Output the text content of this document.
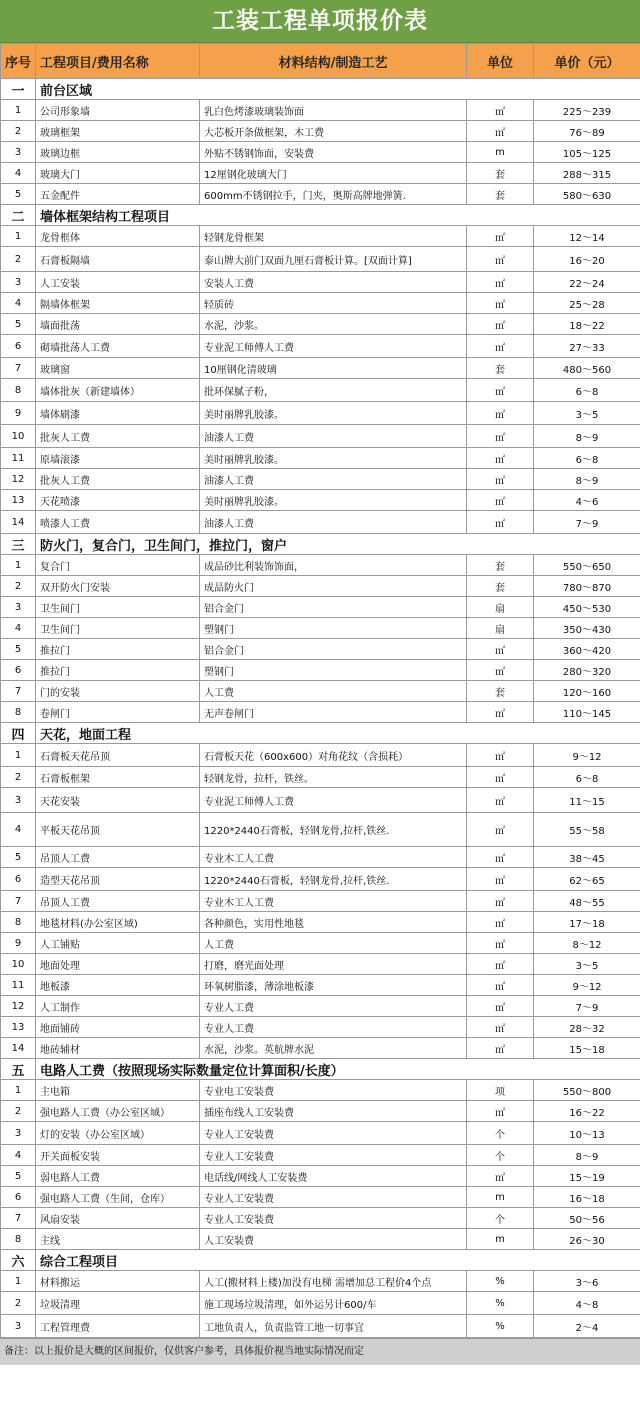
工装工程单项报价表
序号	工程项目/费用名称	材料结构/制造工艺	单位	单价（元）
一	前台区域			
1	公司形象墙	乳白色烤漆玻璃装饰面	㎡	225～239
2	玻璃框架	大芯板开条做框架，木工费	㎡	76～89
3	玻璃边框	外贴不锈钢饰面，安装费	m	105～125
4	玻璃大门	12厘钢化玻璃大门	套	288～315
5	五金配件	600mm不锈钢拉手，门夹，奥斯高牌地弹簧.	套	580～630
二	墙体框架结构工程项目			
1	龙骨框体	轻钢龙骨框架	㎡	12～14
2	石膏板隔墙	泰山牌大前门双面九厘石膏板计算。[双面计算]	㎡	16～20
3	人工安装	安装人工费	㎡	22～24
4	隔墙体框架	轻质砖	㎡	25～28
5	墙面批荡	水泥，沙浆。	㎡	18～22
6	砌墙批荡人工费	专业泥工师傅人工费	㎡	27～33
7	玻璃窗	10厘钢化清玻璃	套	480～560
8	墙体批灰（新建墙体）	批环保腻子粉，	㎡	6～8
9	墙体刷漆	美时丽牌乳胶漆。	㎡	3～5
10	批灰人工费	油漆人工费	㎡	8～9
11	原墙滚漆	美时丽牌乳胶漆。	㎡	6～8
12	批灰人工费	油漆人工费	㎡	8～9
13	天花喷漆	美时丽牌乳胶漆。	㎡	4～6
14	喷漆人工费	油漆人工费	㎡	7～9
三	防火门，复合门，卫生间门，推拉门，窗户			
1	复合门	成品砂比利装饰饰面，	套	550～650
2	双开防火门安装	成品防火门	套	780～870
3	卫生间门	铝合金门	扇	450～530
4	卫生间门	塑钢门	扇	350～430
5	推拉门	铝合金门	㎡	360～420
6	推拉门	塑钢门	㎡	280～320
7	门的安装	人工费	套	120～160
8	卷闸门	无声卷闸门	㎡	110～145
四	天花，地面工程			
1	石膏板天花吊顶	石膏板天花（600x600）对角花纹（含损耗）	㎡	9～12
2	石膏板框架	轻钢龙骨，拉杆，铁丝。	㎡	6～8
3	天花安装	专业泥工师傅人工费	㎡	11～15
4	平板天花吊顶	1220*2440石膏板，轻钢龙骨,拉杆,铁丝.	㎡	55～58
5	吊顶人工费	专业木工人工费	㎡	38～45
6	造型天花吊顶	1220*2440石膏板，轻钢龙骨,拉杆,铁丝.	㎡	62～65
7	吊顶人工费	专业木工人工费	㎡	48～55
8	地毯材料(办公室区域)	各种颜色，实用性地毯	㎡	17～18
9	人工铺贴	人工费	㎡	8～12
10	地面处理	打磨，磨光面处理	㎡	3～5
11	地板漆	环氧树脂漆，薄涂地板漆	㎡	9～12
12	人工制作	专业人工费	㎡	7～9
13	地面铺砖	专业人工费	㎡	28～32
14	地砖辅材	水泥，沙浆。英航牌水泥	㎡	15～18
五	电路人工费（按照现场实际数量定位计算面积/长度）			
1	主电箱	专业电工安装费	项	550～800
2	强电路人工费（办公室区域）	插座布线人工安装费	㎡	16～22
3	灯的安装（办公室区域）	专业人工安装费	个	10～13
4	开关面板安装	专业人工安装费	个	8～9
5	弱电路人工费	电话线/网线人工安装费	㎡	15～19
6	强电路人工费（生间，仓库）	专业人工安装费	m	16～18
7	风扇安装	专业人工安装费	个	50～56
8	主线	人工安装费	m	26～30
六	综合工程项目			
1	材料搬运	人工(搬材料上楼)加没有电梯 需增加总工程价4个点	%	3～6
2	垃圾清理	施工现场垃圾清理，如外运另计600/车	%	4～8
3	工程管理费	工地负责人，负责监管工地一切事宜	%	2～4
备注：以上报价是大概的区间报价，仅供客户参考，具体报价视当地实际情况而定
